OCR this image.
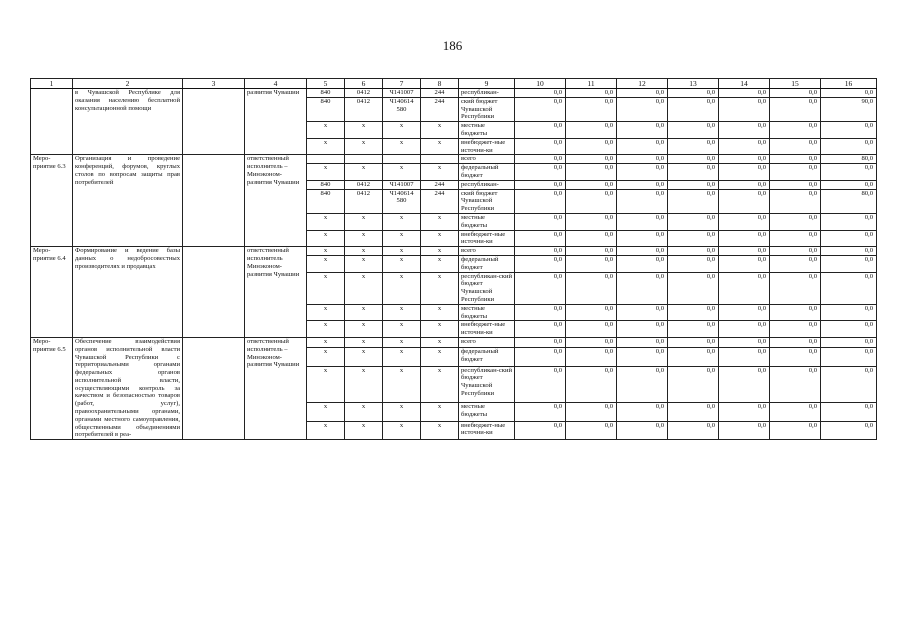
186
1	2	3	4	5	6	7	8	9	10	11	12	13	14	15	16
	в Чувашской Республике для оказания населению бесплатной консультационной помощи		развития Чувашии	840	0412	Ч141007	244	республикан-	0,0	0,0	0,0	0,0	0,0	0,0	0,0
				840	0412	Ч140614
580	244	ский бюджет Чувашской Республики	0,0	0,0	0,0	0,0	0,0	0,0	90,0
				x	x	x	x	местные бюджеты	0,0	0,0	0,0	0,0	0,0	0,0	0,0
				x	x	x	x	внебюджет-ные источни-ки	0,0	0,0	0,0	0,0	0,0	0,0	0,0
Меро-приятие 6.3	Организация и проведение конференций, форумов, круглых столов по вопросам защиты прав потребителей		ответственный исполнитель – Минэконом-развития Чувашии					всего	0,0	0,0	0,0	0,0	0,0	0,0	80,0
				x	x	x	x	федеральный бюджет	0,0	0,0	0,0	0,0	0,0	0,0	0,0
				840	0412	Ч141007	244	республикан-	0,0	0,0	0,0	0,0	0,0	0,0	0,0
				840	0412	Ч140614
580	244	ский бюджет Чувашской Республики	0,0	0,0	0,0	0,0	0,0	0,0	80,0
				x	x	x	x	местные бюджеты	0,0	0,0	0,0	0,0	0,0	0,0	0,0
				x	x	x	x	внебюджет-ные источни-ки	0,0	0,0	0,0	0,0	0,0	0,0	0,0
Меро-приятие 6.4	Формирование и ведение базы данных о недобросовестных производителях и продавцах		ответственный исполнитель Минэконом-развития Чувашии	x	x	x	x	всего	0,0	0,0	0,0	0,0	0,0	0,0	0,0
				x	x	x	x	федеральный бюджет	0,0	0,0	0,0	0,0	0,0	0,0	0,0
				x	x	x	x	республикан-ский бюджет Чувашской Республики	0,0	0,0	0,0	0,0	0,0	0,0	0,0
				x	x	x	x	местные бюджеты	0,0	0,0	0,0	0,0	0,0	0,0	0,0
				x	x	x	x	внебюджет-ные источни-ки	0,0	0,0	0,0	0,0	0,0	0,0	0,0
Меро-приятие 6.5	Обеспечение взаимодействия органов исполнительной власти Чувашской Республики с территориальными органами федеральных органов исполнительной власти, осуществляющими контроль за качеством и безопасностью товаров (работ, услуг), правоохранительными органами, органами местного самоуправления, общественными объединениями потребителей в реа-		ответственный исполнитель – Минэконом-развития Чувашии	x	x	x	x	всего	0,0	0,0	0,0	0,0	0,0	0,0	0,0
				x	x	x	x	федеральный бюджет	0,0	0,0	0,0	0,0	0,0	0,0	0,0
				x	x	x	x	республикан-ский бюджет Чувашской Республики	0,0	0,0	0,0	0,0	0,0	0,0	0,0
				x	x	x	x	местные бюджеты	0,0	0,0	0,0	0,0	0,0	0,0	0,0
				x	x	x	x	внебюджет-ные источни-ки	0,0	0,0	0,0	0,0	0,0	0,0	0,0
